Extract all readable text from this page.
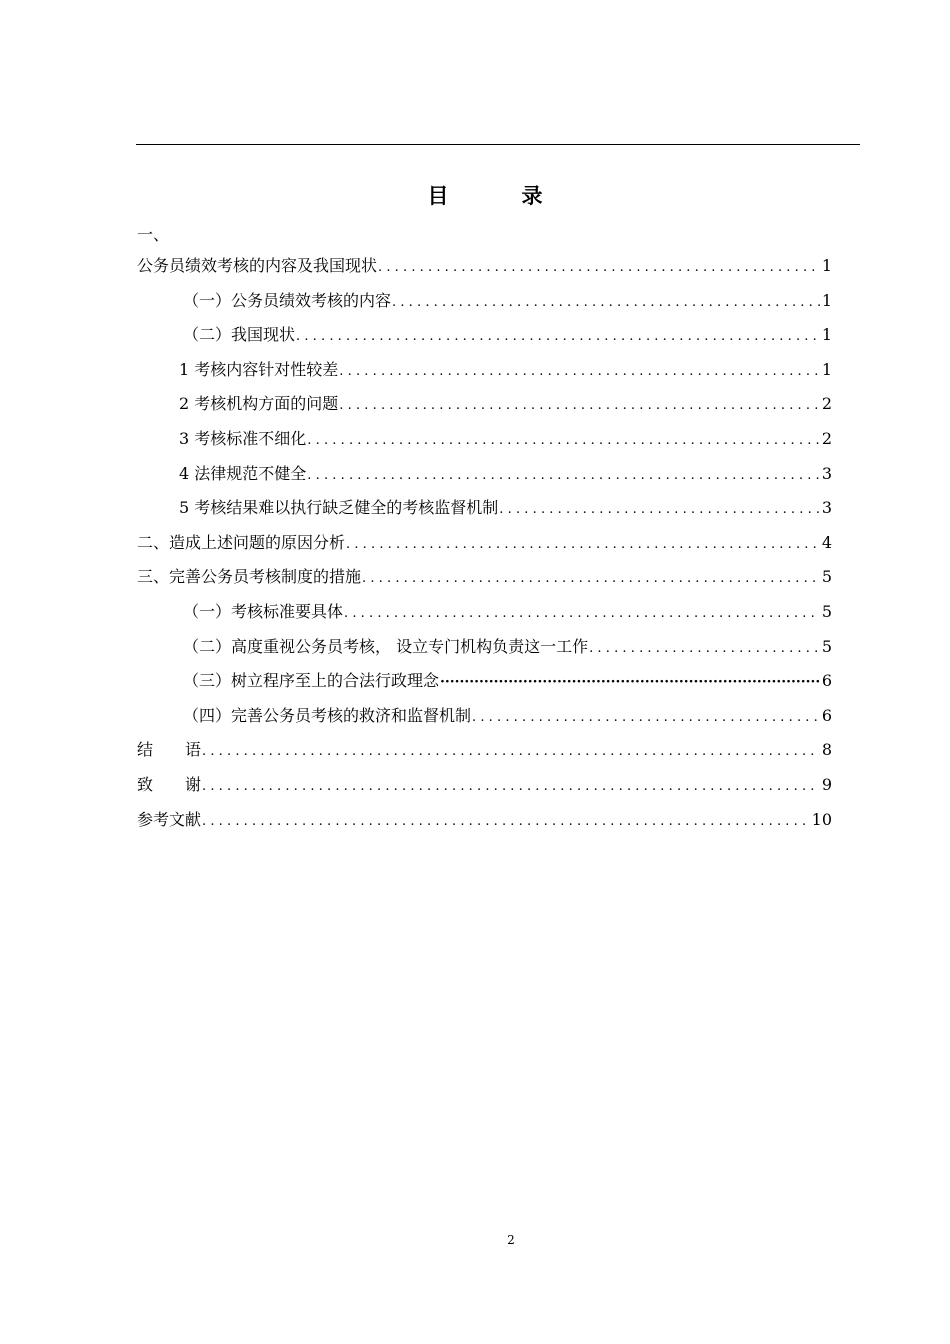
目　录
一、
公务员绩效考核的内容及我国现状 .....	1
（一）公务员绩效考核的内容 .....	1
（二）我国现状 .....	1
1 考核内容针对性较差 .....	1
2 考核机构方面的问题 .....	2
3 考核标准不细化 .....	2
4 法律规范不健全 .....	3
5 考核结果难以执行缺乏健全的考核监督机制 .....	3
二、造成上述问题的原因分析 .....	4
三、完善公务员考核制度的措施 .....	5
（一）考核标准要具体 .....	5
（二）高度重视公务员考核， 设立专门机构负责这一工作 .....	5
（三）树立程序至上的合法行政理念 ·····	6
（四）完善公务员考核的救济和监督机制 .....	6
结　　语 .....	8
致　　谢 .....	9
参考文献 .....	10
2
